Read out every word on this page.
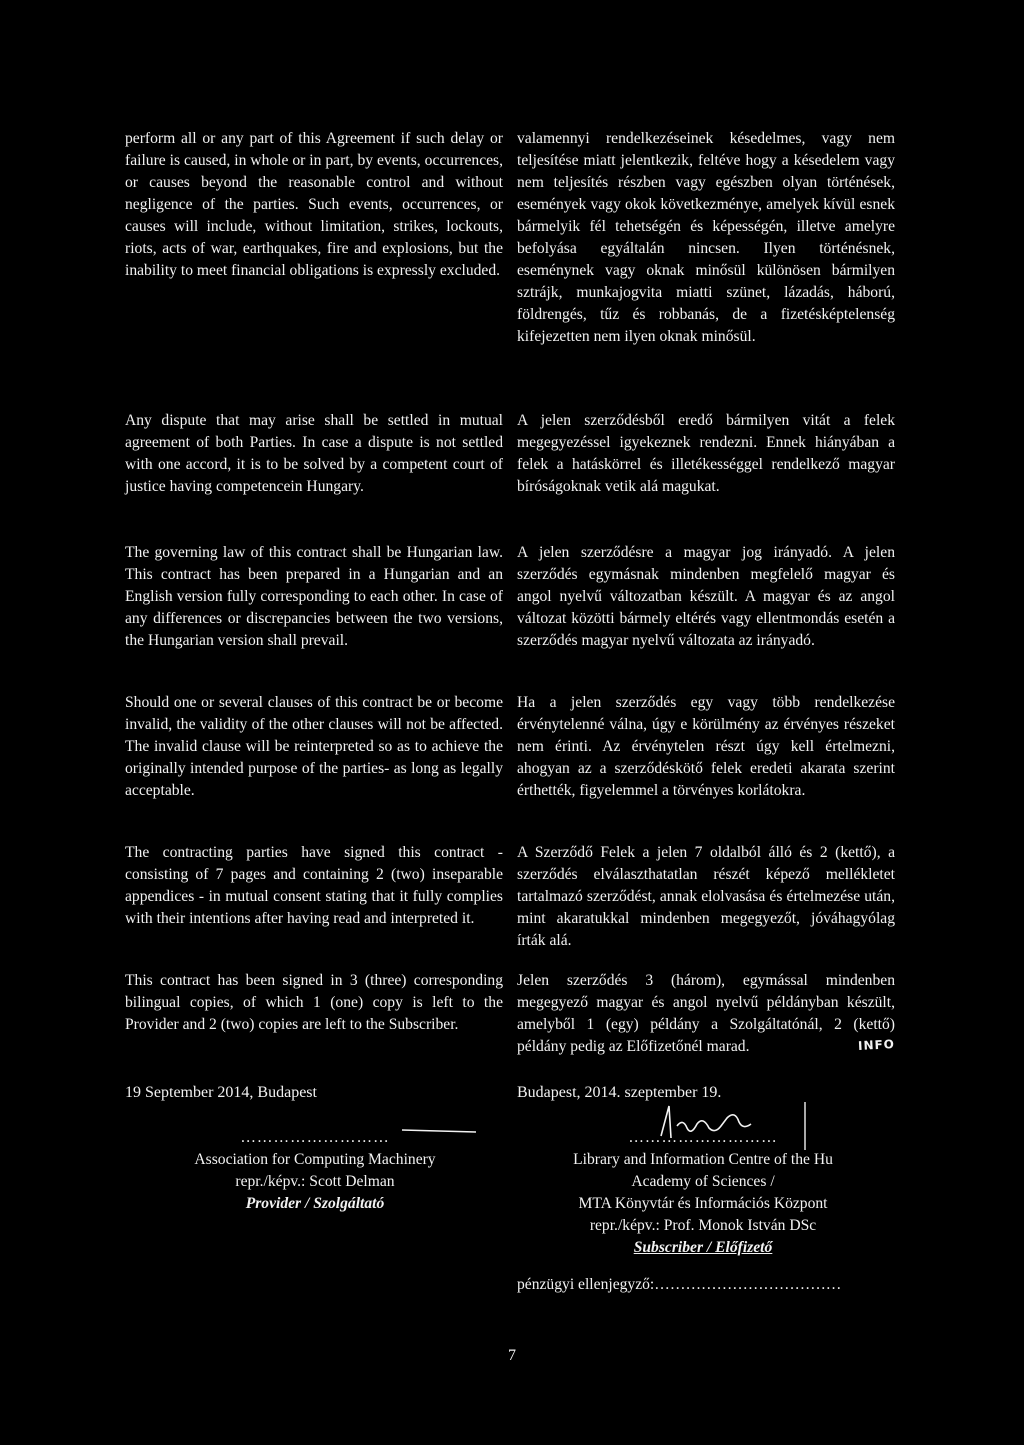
perform all or any part of this Agreement if such delay or failure is caused, in whole or in part, by events, occurrences, or causes beyond the reasonable control and without negligence of the parties. Such events, occurrences, or causes will include, without limitation, strikes, lockouts, riots, acts of war, earthquakes, fire and explosions, but the inability to meet financial obligations is expressly excluded.

valamennyi rendelkezéseinek késedelmes, vagy nem teljesítése miatt jelentkezik, feltéve hogy a késedelem vagy nem teljesítés részben vagy egészben olyan történések, események vagy okok következménye, amelyek kívül esnek bármelyik fél tehetségén és képességén, illetve amelyre befolyása egyáltalán nincsen. Ilyen történésnek, eseménynek vagy oknak minősül különösen bármilyen sztrájk, munkajogvita miatti szünet, lázadás, háború, földrengés, tűz és robbanás, de a fizetésképtelenség kifejezetten nem ilyen oknak minősül.

Any dispute that may arise shall be settled in mutual agreement of both Parties. In case a dispute is not settled with one accord, it is to be solved by a competent court of justice having competencein Hungary.

A jelen szerződésből eredő bármilyen vitát a felek megegyezéssel igyekeznek rendezni. Ennek hiányában a felek a hatáskörrel és illetékességgel rendelkező magyar bíróságoknak vetik alá magukat.

The governing law of this contract shall be Hungarian law. This contract has been prepared in a Hungarian and an English version fully corresponding to each other. In case of any differences or discrepancies between the two versions, the Hungarian version shall prevail.

A jelen szerződésre a magyar jog irányadó. A jelen szerződés egymásnak mindenben megfelelő magyar és angol nyelvű változatban készült. A magyar és az angol változat közötti bármely eltérés vagy ellentmondás esetén a szerződés magyar nyelvű változata az irányadó.

Should one or several clauses of this contract be or become invalid, the validity of the other clauses will not be affected. The invalid clause will be reinterpreted so as to achieve the originally intended purpose of the parties- as long as legally acceptable.

Ha a jelen szerződés egy vagy több rendelkezése érvénytelenné válna, úgy e körülmény az érvényes részeket nem érinti. Az érvénytelen részt úgy kell értelmezni, ahogyan az a szerződéskötő felek eredeti akarata szerint érthették, figyelemmel a törvényes korlátokra.

The contracting parties have signed this contract - consisting of 7 pages and containing 2 (two) inseparable appendices - in mutual consent stating that it fully complies with their intentions after having read and interpreted it.

A Szerződő Felek a jelen 7 oldalból álló és 2 (kettő), a szerződés elválaszthatatlan részét képező mellékletet tartalmazó szerződést, annak elolvasása és értelmezése után, mint akaratukkal mindenben megegyezőt, jóváhagyólag írták alá.

This contract has been signed in 3 (three) corresponding bilingual copies, of which 1 (one) copy is left to the Provider and 2 (two) copies are left to the Subscriber.

Jelen szerződés 3 (három), egymással mindenben megegyező magyar és angol nyelvű példányban készült, amelyből 1 (egy) példány a Szolgáltatónál, 2 (kettő) példány pedig az Előfizetőnél marad.	INFO
19 September 2014, Budapest	Budapest, 2014. szeptember 19.
………………………
Association for Computing Machinery
repr./képv.: Scott Delman
Provider / Szolgáltató
………………………
Library and Information Centre of the Hu
Academy of Sciences /
MTA Könyvtár és Információs Központ
repr./képv.: Prof. Monok István DSc
Subscriber / Előfizető
pénzügyi ellenjegyző:………………………………
7
